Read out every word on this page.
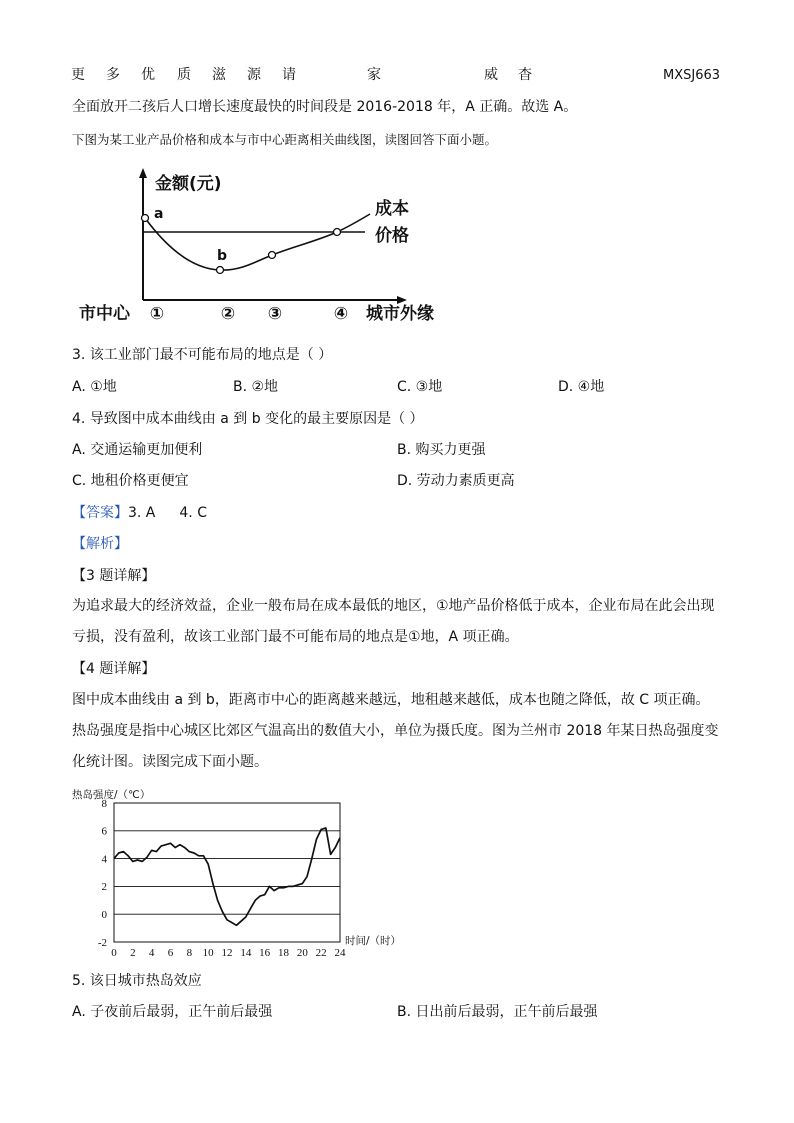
更 多 优 质 滋 源 请	家	威 杳	MXSJ663
全面放开二孩后人口增长速度最快的时间段是 2016-2018 年，A 正确。故选 A。
下图为某工业产品价格和成本与市中心距离相关曲线图，读图回答下面小题。
金额(元)
成本
价格
a
b
市中心 ①	② ③	④ 城市外缘
3. 该工业部门最不可能布局的地点是（ ）
A. ①地	B. ②地	C. ③地	D. ④地
4. 导致图中成本曲线由 a 到 b 变化的最主要原因是（ ）
A. 交通运输更加便利	B. 购买力更强
C. 地租价格更便宜	D. 劳动力素质更高
【答案】3. A 4. C
【解析】
【3 题详解】
为追求最大的经济效益，企业一般布局在成本最低的地区，①地产品价格低于成本，企业布局在此会出现亏损，没有盈利，故该工业部门最不可能布局的地点是①地，A 项正确。
【4 题详解】
图中成本曲线由 a 到 b，距离市中心的距离越来越远，地租越来越低，成本也随之降低，故 C 项正确。
热岛强度是指中心城区比郊区气温高出的数值大小，单位为摄氏度。图为兰州市 2018 年某日热岛强度变化统计图。读图完成下面小题。
热岛强度/（℃）
-2
0
2
4
6
8
0 2 4 6 8 10 12 14 16 18 20 22 24
时间/（时）
5. 该日城市热岛效应
A. 子夜前后最弱，正午前后最强	B. 日出前后最弱，正午前后最强
